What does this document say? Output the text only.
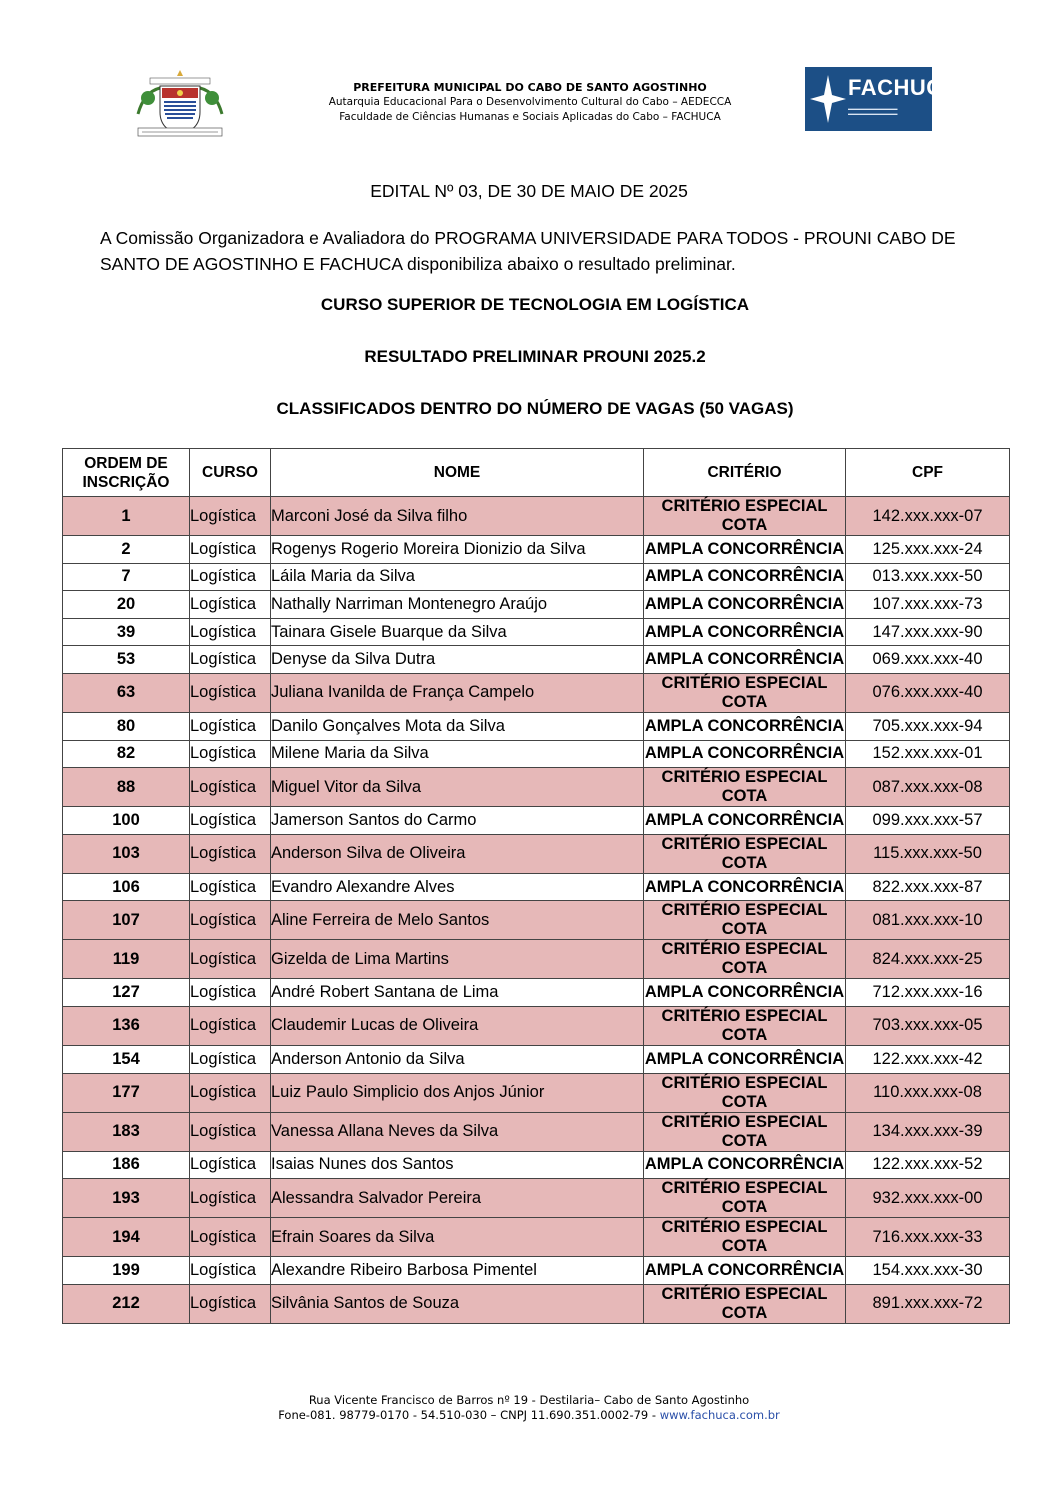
PREFEITURA MUNICIPAL DO CABO DE SANTO AGOSTINHO
Autarquia Educacional Para o Desenvolvimento Cultural do Cabo – AEDECCA
Faculdade de Ciências Humanas e Sociais Aplicadas do Cabo – FACHUCA
FACHUCA
▬▬▬▬▬▬▬▬▬▬▬
▬▬▬▬▬▬▬▬▬▬▬
EDITAL Nº 03, DE 30 DE MAIO DE 2025
A Comissão Organizadora e Avaliadora do PROGRAMA UNIVERSIDADE PARA TODOS - PROUNI CABO DE SANTO DE AGOSTINHO E FACHUCA disponibiliza abaixo o resultado preliminar.
CURSO SUPERIOR DE TECNOLOGIA EM LOGÍSTICA
RESULTADO PRELIMINAR PROUNI 2025.2
CLASSIFICADOS DENTRO DO NÚMERO DE VAGAS (50 VAGAS)
ORDEM DE INSCRIÇÃO	CURSO	NOME	CRITÉRIO	CPF
1	Logística	Marconi José da Silva filho	CRITÉRIO ESPECIAL COTA	142.xxx.xxx-07
2	Logística	Rogenys Rogerio Moreira Dionizio da Silva	AMPLA CONCORRÊNCIA	125.xxx.xxx-24
7	Logística	Láila Maria da Silva	AMPLA CONCORRÊNCIA	013.xxx.xxx-50
20	Logística	Nathally Narriman Montenegro Araújo	AMPLA CONCORRÊNCIA	107.xxx.xxx-73
39	Logística	Tainara Gisele Buarque da Silva	AMPLA CONCORRÊNCIA	147.xxx.xxx-90
53	Logística	Denyse da Silva Dutra	AMPLA CONCORRÊNCIA	069.xxx.xxx-40
63	Logística	Juliana Ivanilda de França Campelo	CRITÉRIO ESPECIAL COTA	076.xxx.xxx-40
80	Logística	Danilo Gonçalves Mota da Silva	AMPLA CONCORRÊNCIA	705.xxx.xxx-94
82	Logística	Milene Maria da Silva	AMPLA CONCORRÊNCIA	152.xxx.xxx-01
88	Logística	Miguel Vitor da Silva	CRITÉRIO ESPECIAL COTA	087.xxx.xxx-08
100	Logística	Jamerson Santos do Carmo	AMPLA CONCORRÊNCIA	099.xxx.xxx-57
103	Logística	Anderson Silva de Oliveira	CRITÉRIO ESPECIAL COTA	115.xxx.xxx-50
106	Logística	Evandro Alexandre Alves	AMPLA CONCORRÊNCIA	822.xxx.xxx-87
107	Logística	Aline Ferreira de Melo Santos	CRITÉRIO ESPECIAL COTA	081.xxx.xxx-10
119	Logística	Gizelda de Lima Martins	CRITÉRIO ESPECIAL COTA	824.xxx.xxx-25
127	Logística	André Robert Santana de Lima	AMPLA CONCORRÊNCIA	712.xxx.xxx-16
136	Logística	Claudemir Lucas de Oliveira	CRITÉRIO ESPECIAL COTA	703.xxx.xxx-05
154	Logística	Anderson Antonio da Silva	AMPLA CONCORRÊNCIA	122.xxx.xxx-42
177	Logística	Luiz Paulo Simplicio dos Anjos Júnior	CRITÉRIO ESPECIAL COTA	110.xxx.xxx-08
183	Logística	Vanessa Allana Neves da Silva	CRITÉRIO ESPECIAL COTA	134.xxx.xxx-39
186	Logística	Isaias Nunes dos Santos	AMPLA CONCORRÊNCIA	122.xxx.xxx-52
193	Logística	Alessandra Salvador Pereira	CRITÉRIO ESPECIAL COTA	932.xxx.xxx-00
194	Logística	Efrain Soares da Silva	CRITÉRIO ESPECIAL COTA	716.xxx.xxx-33
199	Logística	Alexandre Ribeiro Barbosa Pimentel	AMPLA CONCORRÊNCIA	154.xxx.xxx-30
212	Logística	Silvânia Santos de Souza	CRITÉRIO ESPECIAL COTA	891.xxx.xxx-72
Rua Vicente Francisco de Barros nº 19 - Destilaria– Cabo de Santo Agostinho
Fone-081. 98779-0170 - 54.510-030 – CNPJ 11.690.351.0002-79 - www.fachuca.com.br
